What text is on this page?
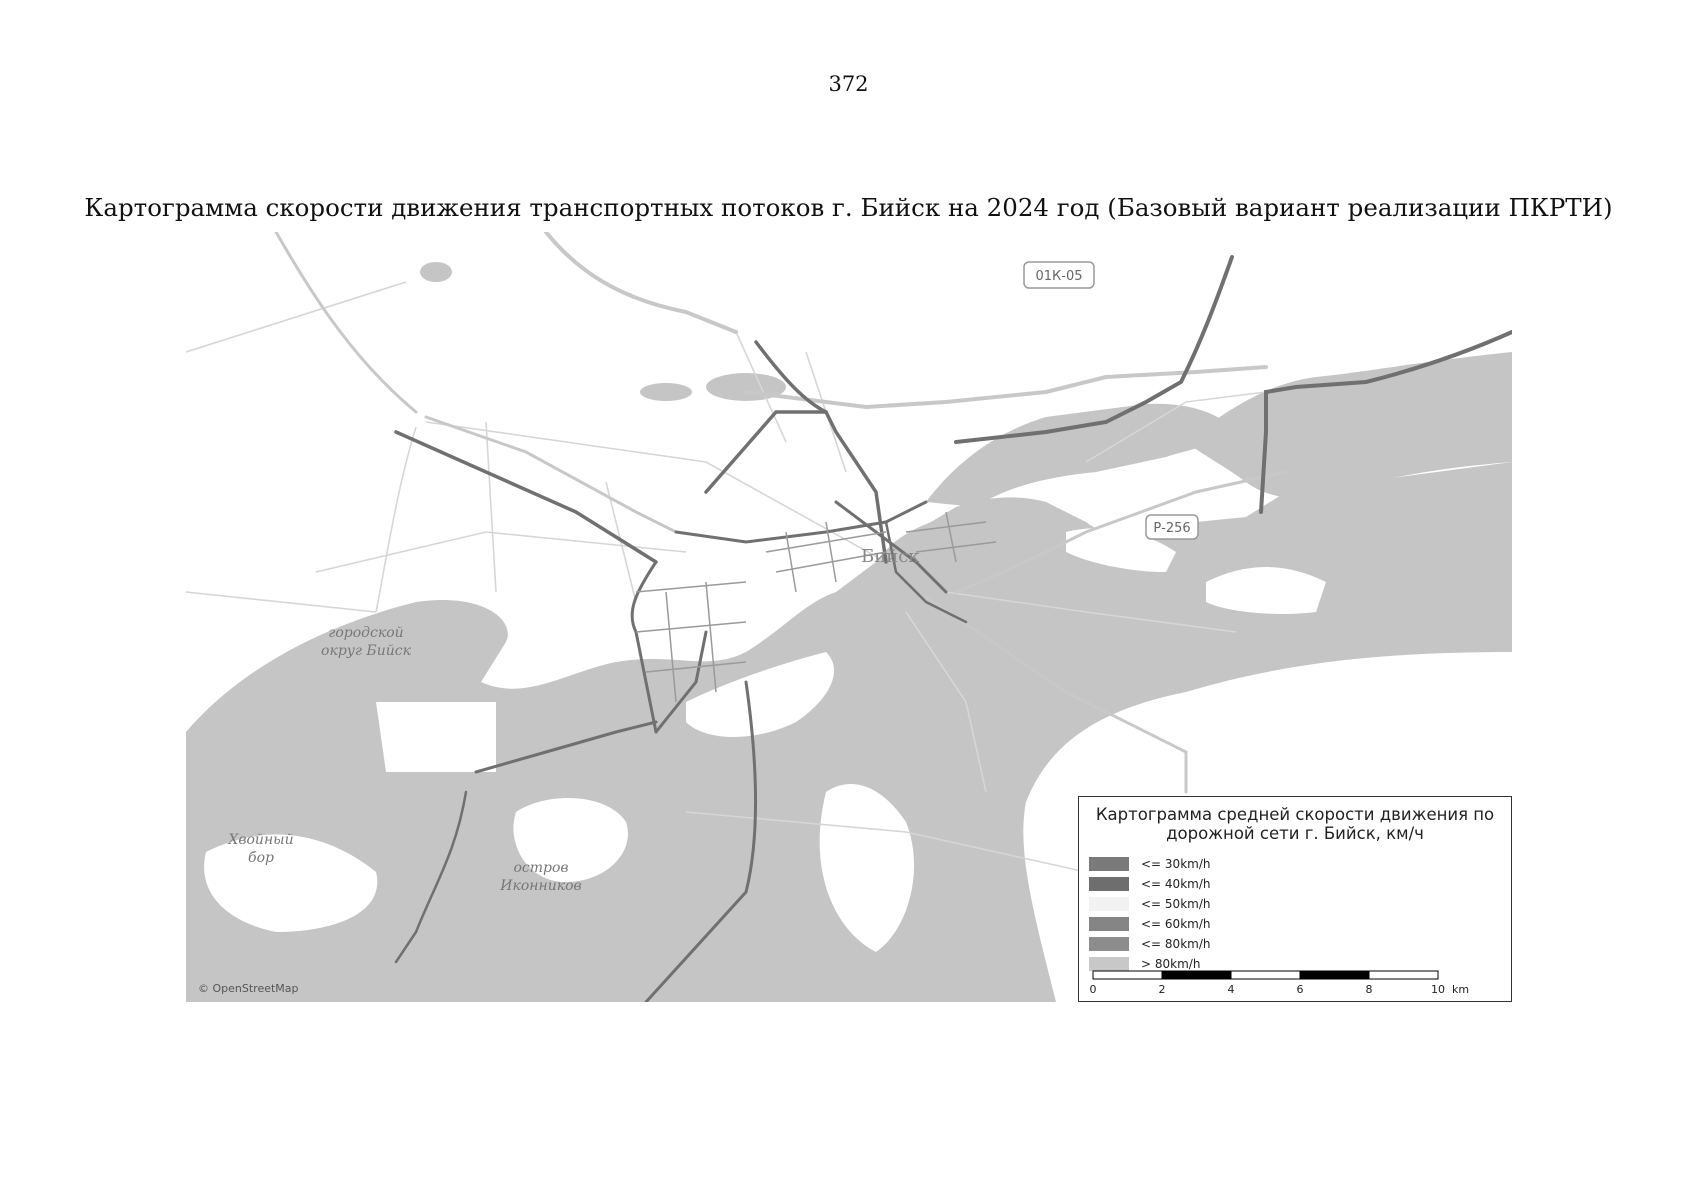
372
Картограмма скорости движения транспортных потоков г. Бийск на 2024 год (Базовый вариант реализации ПКРТИ)
городской округ Бийск
остров Иконников
Хвойный бор
Бийск
01К-05
Р-256
© OpenStreetMap
Картограмма средней скорости движения по
дорожной сети г. Бийск, км/ч
<= 30km/h
<= 40km/h
<= 50km/h
<= 60km/h
<= 80km/h
> 80km/h
0	2	4	6	8	10 km
